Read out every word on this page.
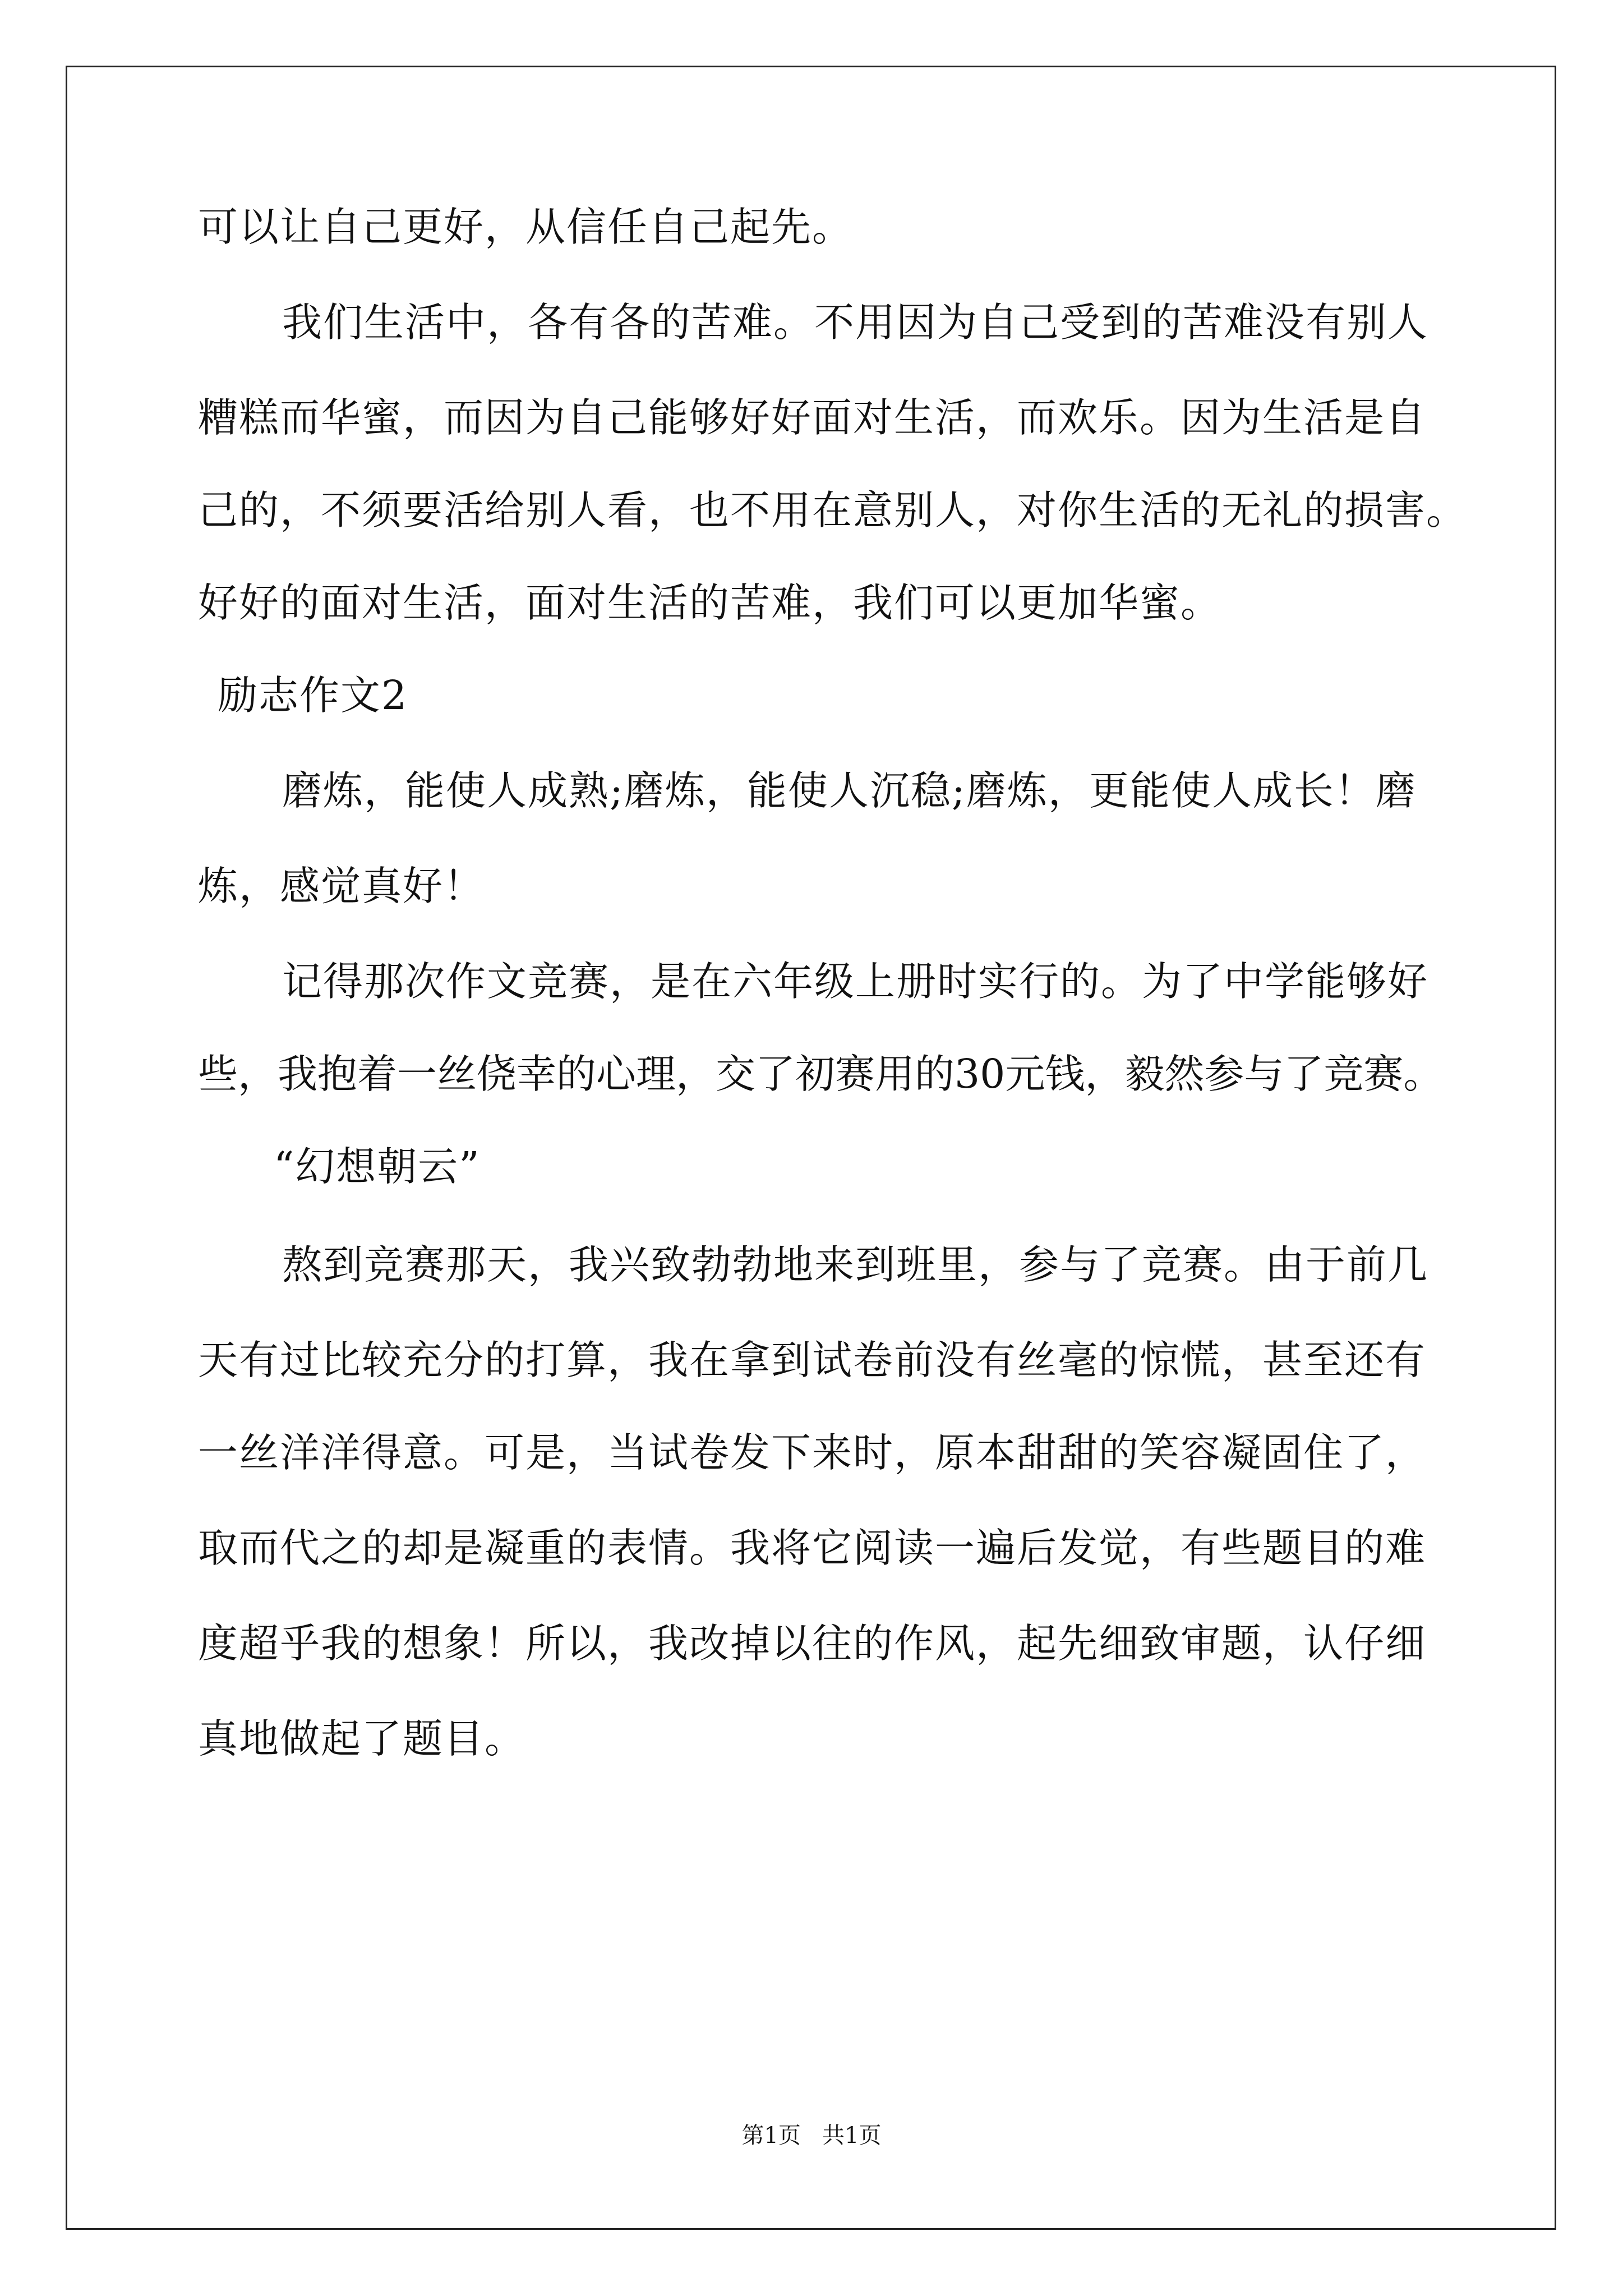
可以让自己更好，从信任自己起先。
我们生活中，各有各的苦难。不用因为自己受到的苦难没有别人
糟糕而华蜜，而因为自己能够好好面对生活，而欢乐。因为生活是自
己的，不须要活给别人看，也不用在意别人，对你生活的无礼的损害。
好好的面对生活，面对生活的苦难，我们可以更加华蜜。
励志作文2
磨炼，能使人成熟;磨炼，能使人沉稳;磨炼，更能使人成长！磨
炼，感觉真好！
记得那次作文竞赛，是在六年级上册时实行的。为了中学能够好
些，我抱着一丝侥幸的心理，交了初赛用的30元钱，毅然参与了竞赛。
“幻想朝云”
熬到竞赛那天，我兴致勃勃地来到班里，参与了竞赛。由于前几
天有过比较充分的打算，我在拿到试卷前没有丝毫的惊慌，甚至还有
一丝洋洋得意。可是，当试卷发下来时，原本甜甜的笑容凝固住了，
取而代之的却是凝重的表情。我将它阅读一遍后发觉，有些题目的难
度超乎我的想象！所以，我改掉以往的作风，起先细致审题，认仔细
真地做起了题目。
第1页   共1页
